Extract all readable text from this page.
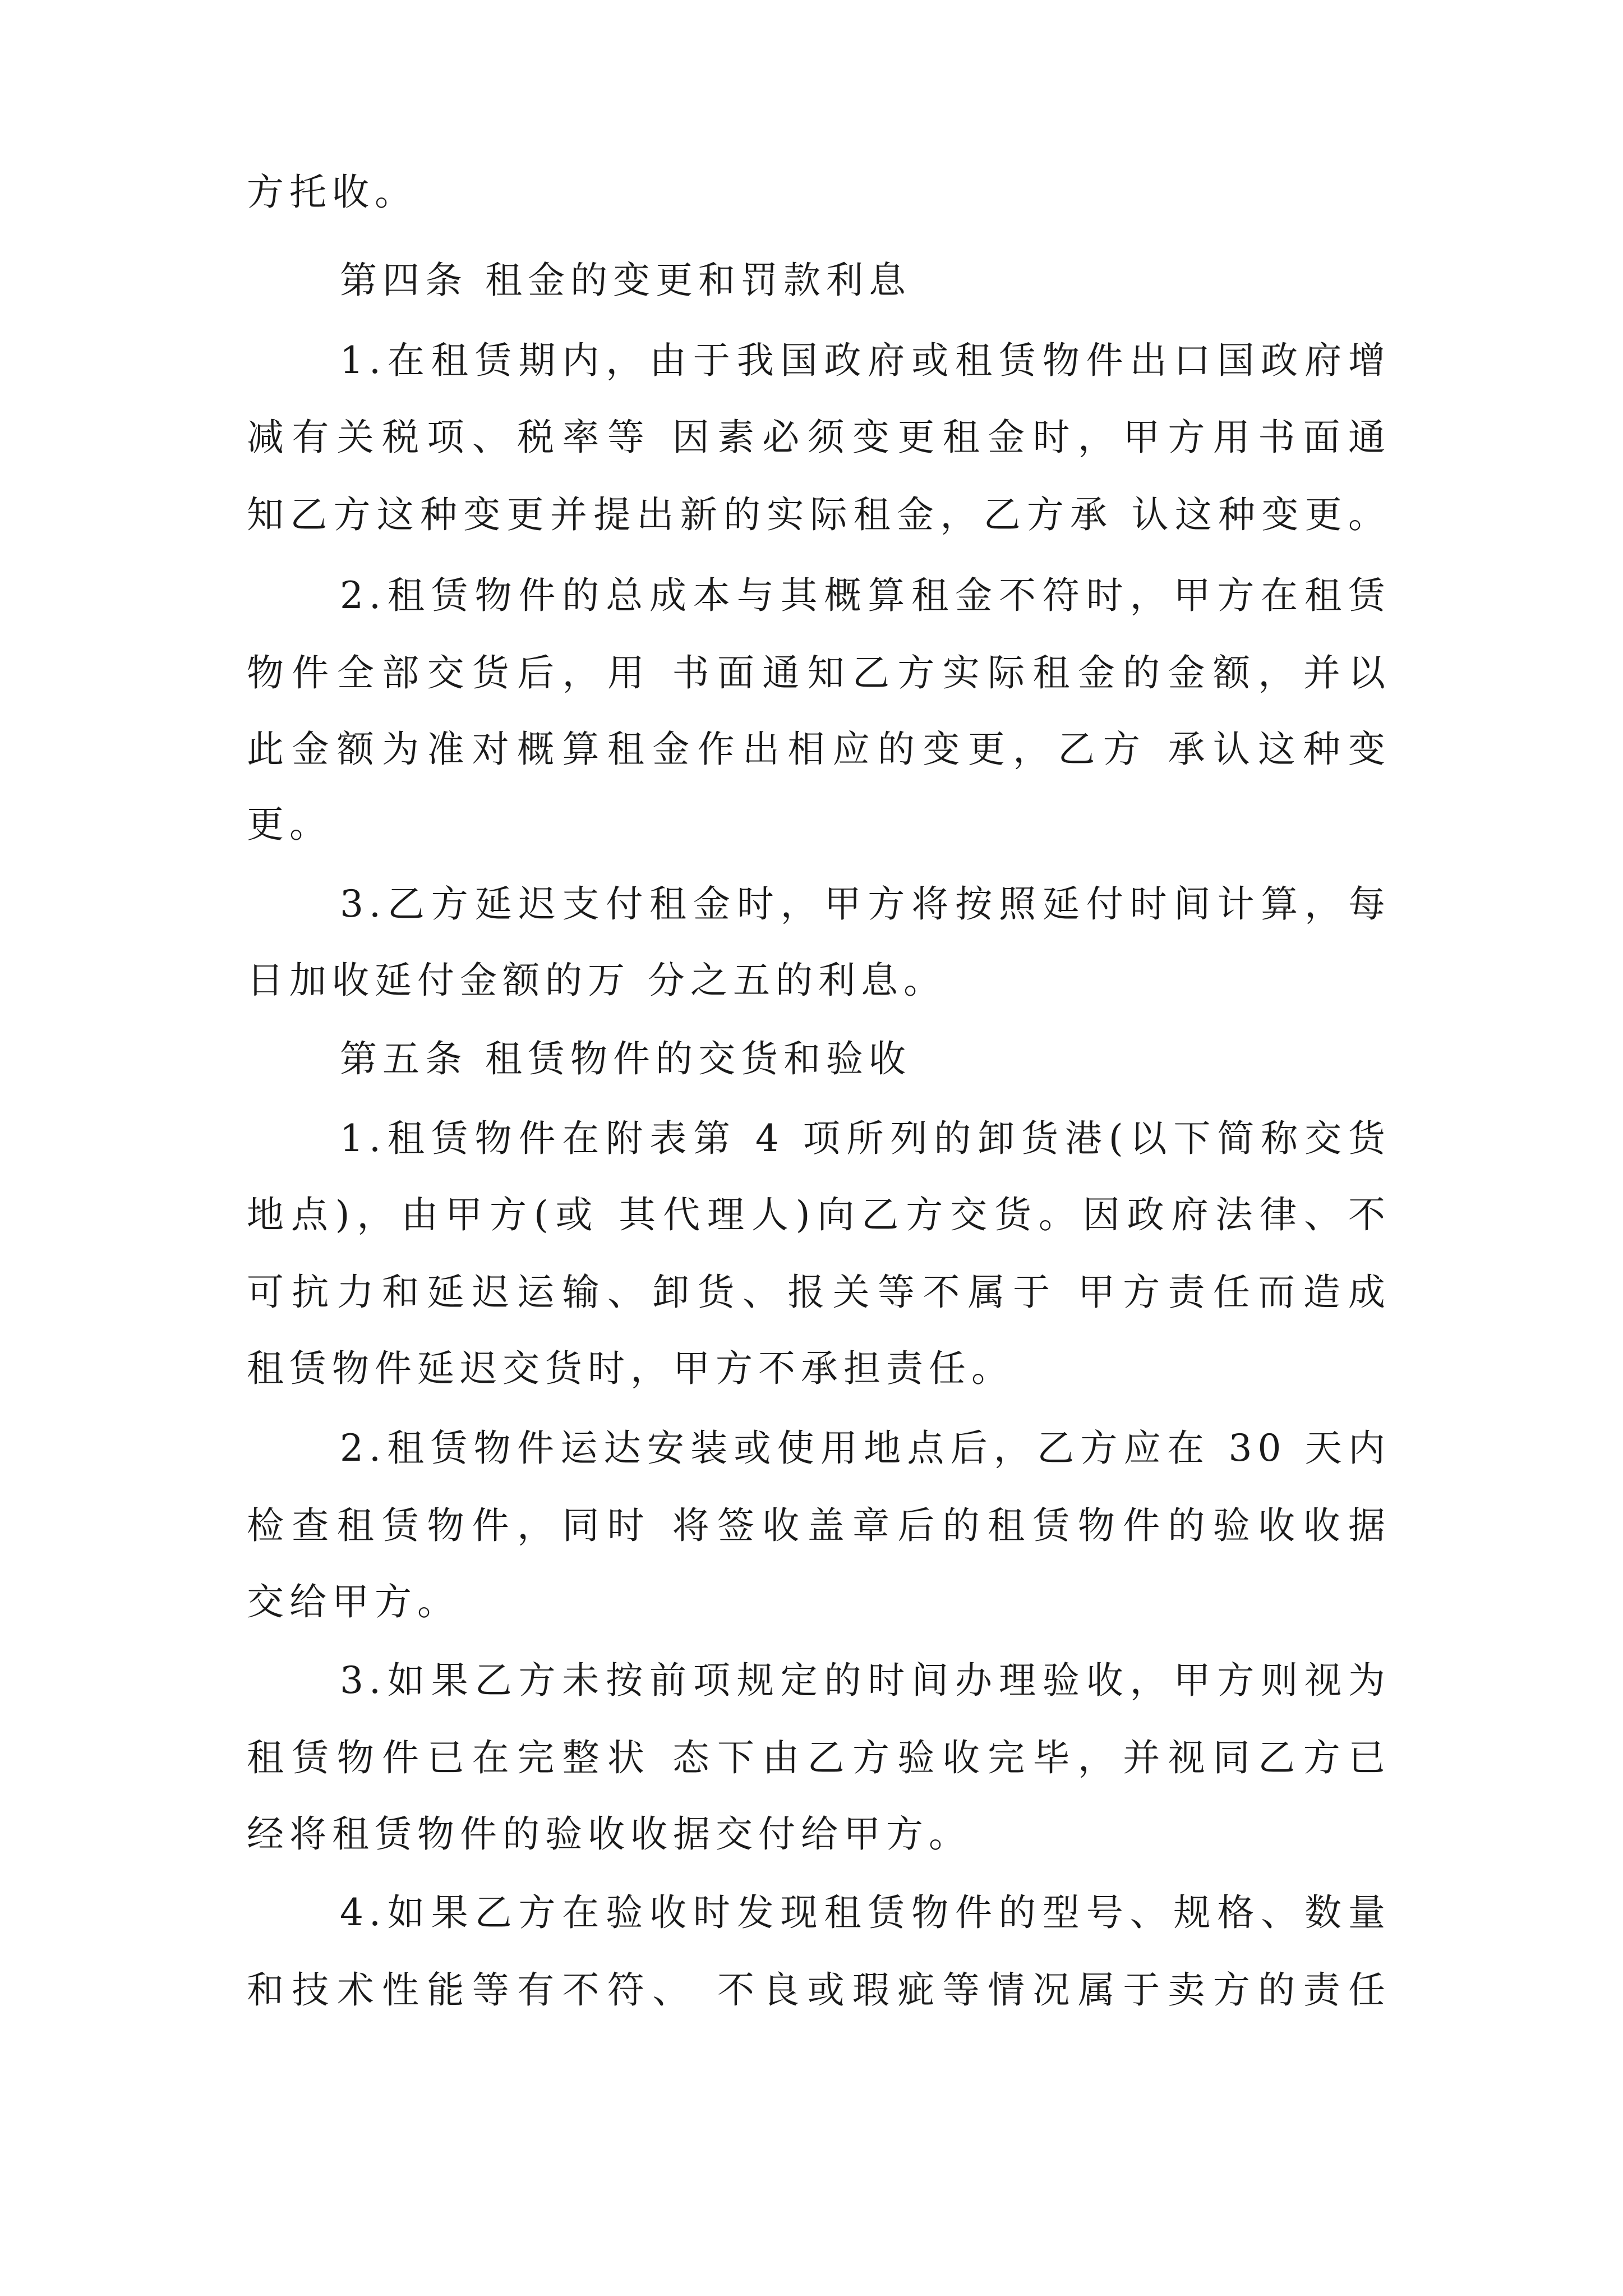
方托收。

第四条 租金的变更和罚款利息

1.在租赁期内，由于我国政府或租赁物件出口国政府增

减有关税项、税率等 因素必须变更租金时，甲方用书面通

知乙方这种变更并提出新的实际租金，乙方承 认这种变更。

2.租赁物件的总成本与其概算租金不符时，甲方在租赁

物件全部交货后，用 书面通知乙方实际租金的金额，并以

此金额为准对概算租金作出相应的变更，乙方 承认这种变

更。

3.乙方延迟支付租金时，甲方将按照延付时间计算，每

日加收延付金额的万 分之五的利息。

第五条 租赁物件的交货和验收

1.租赁物件在附表第 4 项所列的卸货港(以下简称交货

地点)，由甲方(或 其代理人)向乙方交货。因政府法律、不

可抗力和延迟运输、卸货、报关等不属于 甲方责任而造成

租赁物件延迟交货时，甲方不承担责任。

2.租赁物件运达安装或使用地点后，乙方应在 30 天内

检查租赁物件，同时 将签收盖章后的租赁物件的验收收据

交给甲方。

3.如果乙方未按前项规定的时间办理验收，甲方则视为

租赁物件已在完整状 态下由乙方验收完毕，并视同乙方已

经将租赁物件的验收收据交付给甲方。

4.如果乙方在验收时发现租赁物件的型号、规格、数量

和技术性能等有不符、 不良或瑕疵等情况属于卖方的责任
